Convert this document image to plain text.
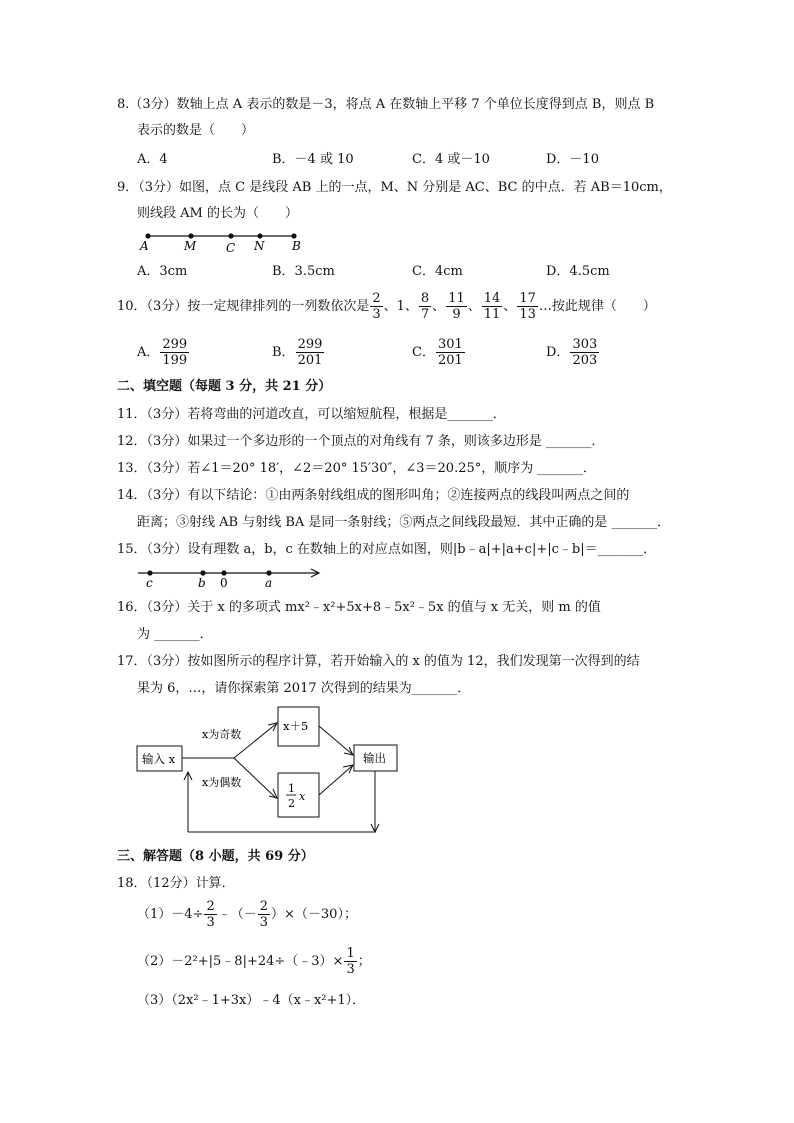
8.（3分）数轴上点 A 表示的数是－3，将点 A 在数轴上平移 7 个单位长度得到点 B，则点 B
表示的数是（　　）
A．4	B．－4 或 10	C．4 或－10	D．－10
9．（3分）如图，点 C 是线段 AB 上的一点，M、N 分别是 AC、BC 的中点．若 AB＝10cm，
则线段 AM 的长为（　　）
A	M C N B
A．3cm	B．3.5cm	C．4cm	D．4.5cm
10．（3分）按一定规律排列的一列数依次是 $\frac{2}{3}$ 、1、 $\frac{8}{7}$ 、 $\frac{11}{9}$ 、 $\frac{14}{11}$ 、 $\frac{17}{13}$ …按此规律（　　）
A． $\frac{299}{199}$	B． $\frac{299}{201}$	C． $\frac{301}{201}$	D． $\frac{303}{203}$
二、填空题（每题 3 分，共 21 分）
11．（3分）若将弯曲的河道改直，可以缩短航程，根据是_______．
12．（3分）如果过一个多边形的一个顶点的对角线有 7 条，则该多边形是 _______．
13．（3分）若∠1＝20° 18′，∠2＝20° 15′30″，∠3＝20.25°，顺序为 _______．
14．（3分）有以下结论：①由两条射线组成的图形叫角；②连接两点的线段叫两点之间的
距离；③射线 AB 与射线 BA 是同一条射线；⑤两点之间线段最短．其中正确的是 _______．
15．（3分）设有理数 a，b，c 在数轴上的对应点如图，则|b﹣a|+|a+c|+|c﹣b|＝_______．
c	b 0	a
16．（3分）关于 x 的多项式 mx²﹣x²+5x+8﹣5x²﹣5x 的值与 x 无关，则 m 的值
为 _______．
17．（3分）按如图所示的程序计算，若开始输入的 x 的值为 12，我们发现第一次得到的结
果为 6，…，请你探索第 2017 次得到的结果为_______．
输入 x
x为奇数
x为偶数
x＋5
1
2
x
输出
三、解答题（8 小题，共 69 分）
18．（12分）计算．
$(1)-4\div \frac{2}{3}$ ﹣（－ $\frac{2}{3} )\times(-30)$；
（2）－2²+|5﹣8|+24÷（﹣3）× $\frac{1}{3}$ ；
（3）（2x²﹣1+3x）﹣4（x﹣x²+1）．
